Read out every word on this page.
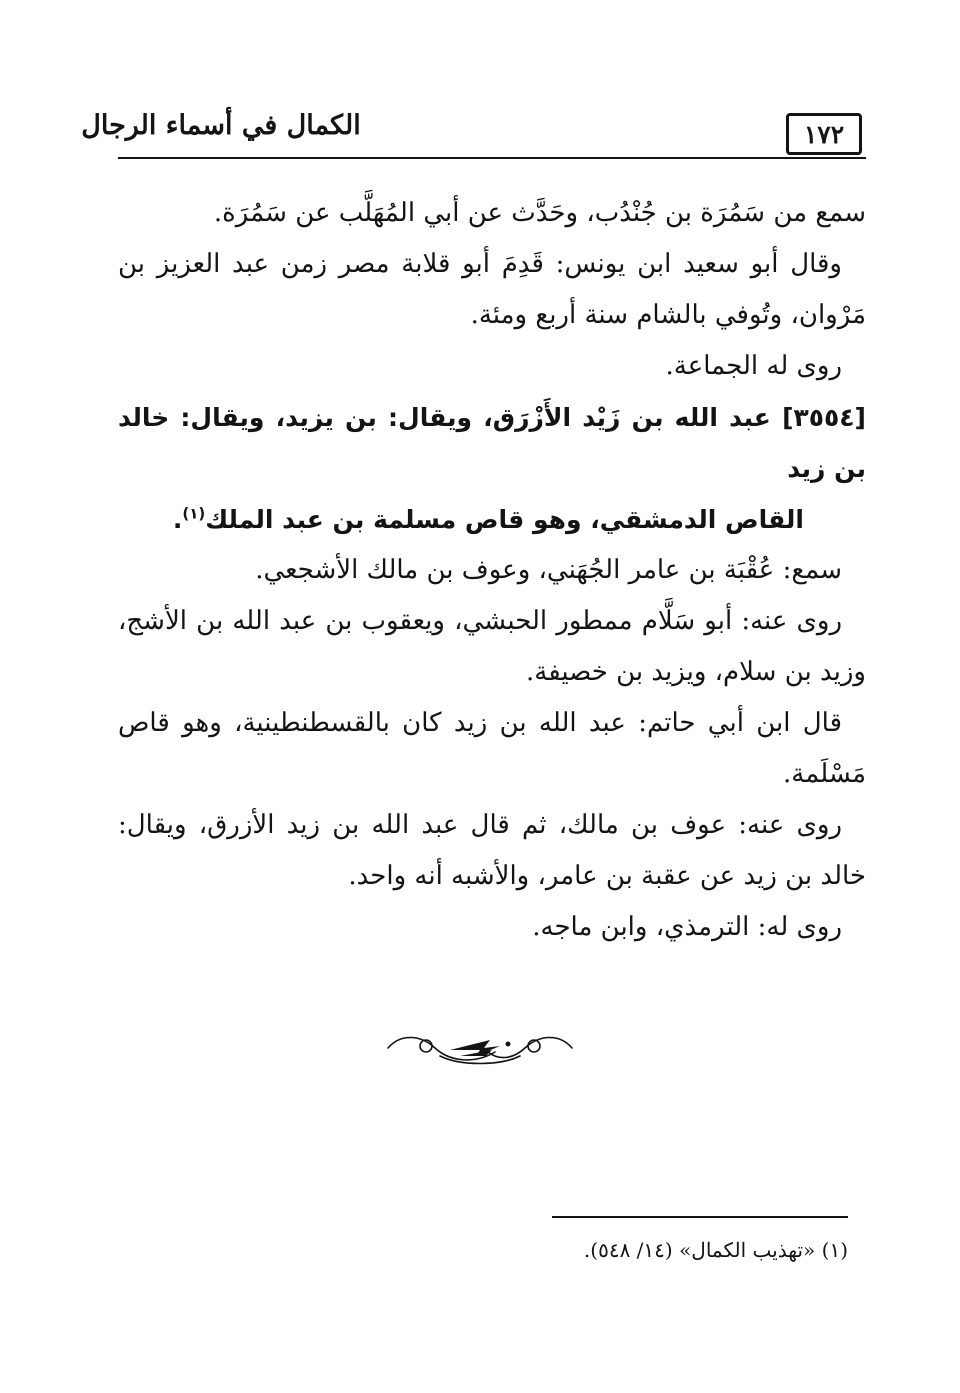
١٧٢
الكمال في أسماء الرجال

سمع من سَمُرَة بن جُنْدُب، وحَدَّث عن أبي المُهَلَّب عن سَمُرَة.

وقال أبو سعيد ابن يونس: قَدِمَ أبو قلابة مصر زمن عبد العزيز بن مَرْوان، وتُوفي بالشام سنة أربع ومئة.

روى له الجماعة.

[٣٥٥٤] عبد الله بن زَيْد الأَزْرَق، ويقال: بن يزيد، ويقال: خالد بن زيد
القاص الدمشقي، وهو قاص مسلمة بن عبد الملك$^{(١)}$.

سمع: عُقْبَة بن عامر الجُهَني، وعوف بن مالك الأشجعي.

روى عنه: أبو سَلَّام ممطور الحبشي، ويعقوب بن عبد الله بن الأشج، وزيد بن سلام، ويزيد بن خصيفة.

قال ابن أبي حاتم: عبد الله بن زيد كان بالقسطنطينية، وهو قاص مَسْلَمة.

روى عنه: عوف بن مالك، ثم قال عبد الله بن زيد الأزرق، ويقال: خالد بن زيد عن عقبة بن عامر، والأشبه أنه واحد.

روى له: الترمذي، وابن ماجه.

(١) «تهذيب الكمال» (١٤/ ٥٤٨).
